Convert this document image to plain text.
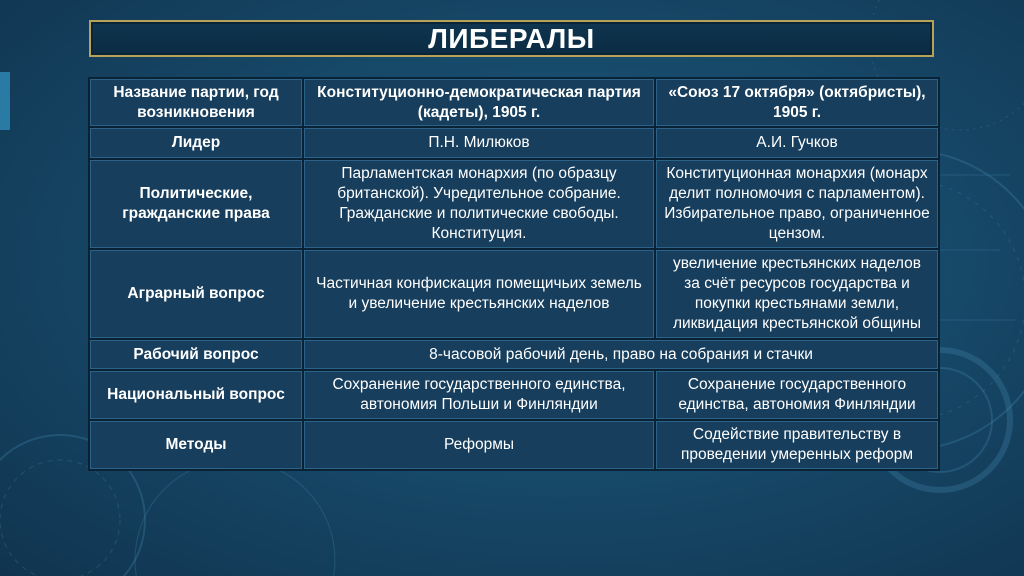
ЛИБЕРАЛЫ
Название партии, год возникновения	Конституционно-демократическая партия (кадеты), 1905 г.	«Союз 17 октября» (октябристы), 1905 г.
Лидер	П.Н. Милюков	А.И. Гучков
Политические, гражданские права	Парламентская монархия (по образцу британской). Учредительное собрание. Гражданские и политические свободы. Конституция.	Конституционная монархия (монарх делит полномочия с парламентом). Избирательное право, ограниченное цензом.
Аграрный вопрос	Частичная конфискация помещичьих земель и увеличение крестьянских наделов	увеличение крестьянских наделов за счёт ресурсов государства и покупки крестьянами земли, ликвидация крестьянской общины
Рабочий вопрос	8-часовой рабочий день, право на собрания и стачки	
Национальный вопрос	Сохранение государственного единства, автономия Польши и Финляндии	Сохранение государственного единства, автономия Финляндии
Методы	Реформы	Содействие правительству в проведении умеренных реформ
